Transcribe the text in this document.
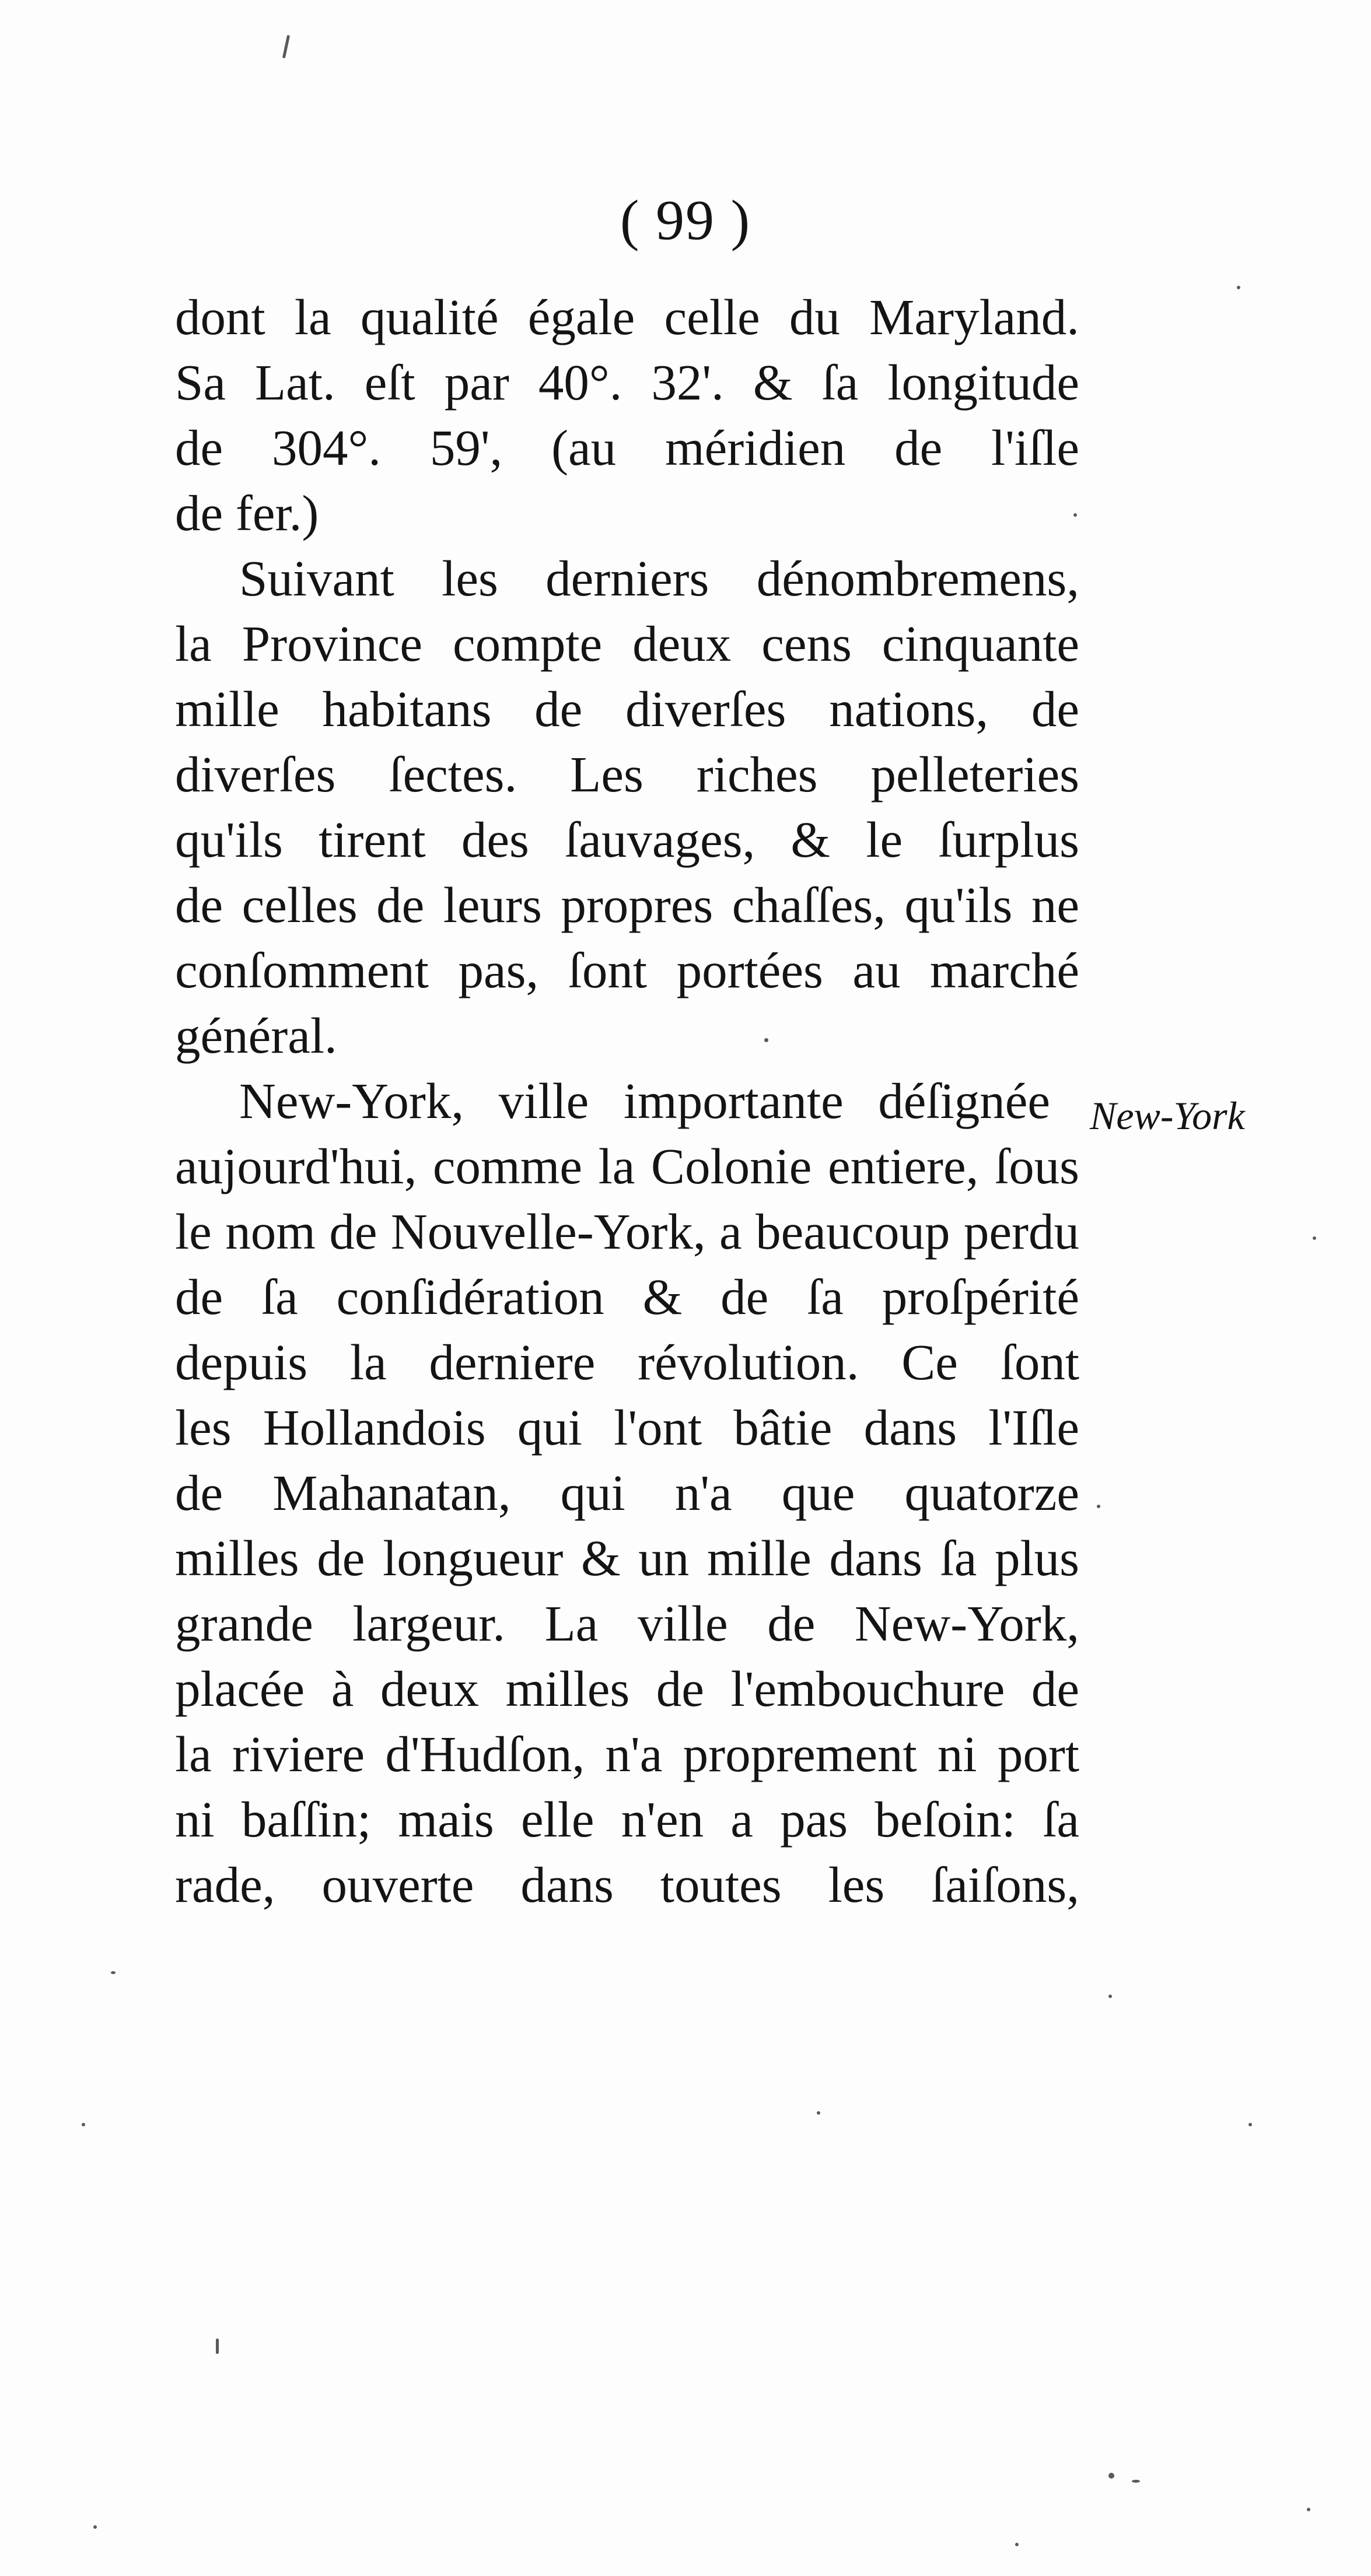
( 99 )
dont la qualité égale celle du Maryland.
Sa Lat. eſt par 40°. 32'. & ſa longitude
de 304°. 59', (au méridien de l'iſle
de fer.)
Suivant les derniers dénombremens,
la Province compte deux cens cinquante
mille habitans de diverſes nations, de
diverſes ſectes. Les riches pelleteries
qu'ils tirent des ſauvages, & le ſurplus
de celles de leurs propres chaſſes, qu'ils ne
conſomment pas, ſont portées au marché
général.
New-York, ville importante déſignée New-York
aujourd'hui, comme la Colonie entiere, ſous
le nom de Nouvelle-York, a beaucoup perdu
de ſa conſidération & de ſa proſpérité
depuis la derniere révolution. Ce ſont
les Hollandois qui l'ont bâtie dans l'Iſle
de Mahanatan, qui n'a que quatorze
milles de longueur & un mille dans ſa plus
grande largeur. La ville de New-York,
placée à deux milles de l'embouchure de
la riviere d'Hudſon, n'a proprement ni port
ni baſſin; mais elle n'en a pas beſoin: ſa
rade, ouverte dans toutes les ſaiſons,
